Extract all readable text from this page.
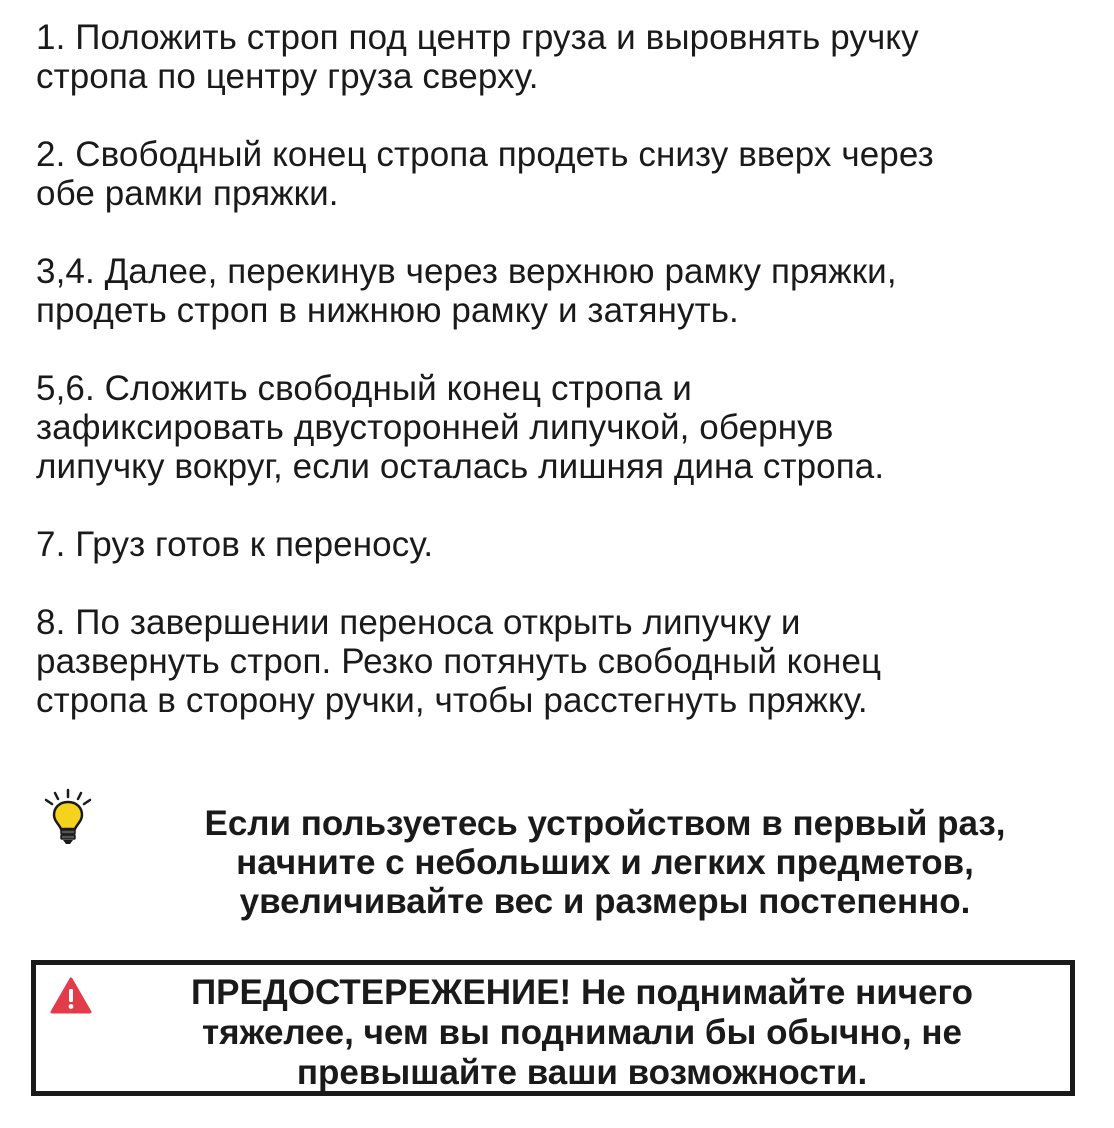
1. Положить строп под центр груза и выровнять ручку
стропа по центру груза сверху.
2. Свободный конец стропа продеть снизу вверх через
обе рамки пряжки.
3,4. Далее, перекинув через верхнюю рамку пряжки,
продеть строп в нижнюю рамку и затянуть.
5,6. Сложить свободный конец стропа и
зафиксировать двусторонней липучкой, обернув
липучку вокруг, если осталась лишняя дина стропа.
7. Груз готов к переносу.
8. По завершении переноса открыть липучку и
развернуть строп. Резко потянуть свободный конец
стропа в сторону ручки, чтобы расстегнуть пряжку.
Если пользуетесь устройством в первый раз,
начните с небольших и легких предметов,
увеличивайте вес и размеры постепенно.
ПРЕДОСТЕРЕЖЕНИЕ! Не поднимайте ничего
тяжелее, чем вы поднимали бы обычно, не
превышайте ваши возможности.
